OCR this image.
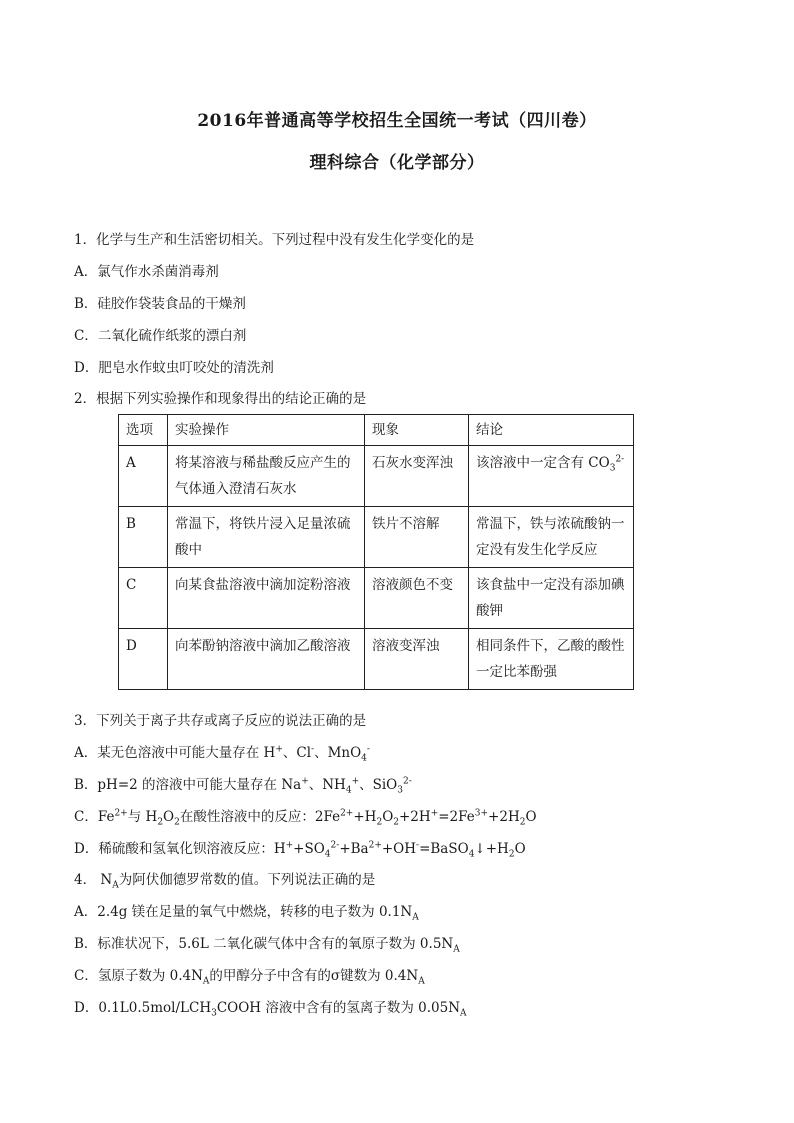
2016年普通高等学校招生全国统一考试（四川卷）
理科综合（化学部分）
1．化学与生产和生活密切相关。下列过程中没有发生化学变化的是
A．氯气作水杀菌消毒剂
B．硅胶作袋装食品的干燥剂
C．二氧化硫作纸浆的漂白剂
D．肥皂水作蚊虫叮咬处的清洗剂
2．根据下列实验操作和现象得出的结论正确的是
选项	实验操作	现象	结论
A	将某溶液与稀盐酸反应产生的气体通入澄清石灰水	石灰水变浑浊	该溶液中一定含有 $CO_3^{2-}$
B	常温下，将铁片浸入足量浓硫酸中	铁片不溶解	常温下，铁与浓硫酸钠一定没有发生化学反应
C	向某食盐溶液中滴加淀粉溶液	溶液颜色不变	该食盐中一定没有添加碘酸钾
D	向苯酚钠溶液中滴加乙酸溶液	溶液变浑浊	相同条件下，乙酸的酸性一定比苯酚强
3．下列关于离子共存或离子反应的说法正确的是
A．某无色溶液中可能大量存在 H+、Cl-、MnO$_4$-
B．pH=2 的溶液中可能大量存在 Na+、$NH_4^+$、SiO$_3^{2-}$
C．$Fe^{2+}$与 $H_2O_2$在酸性溶液中的反应：$2Fe^{2+}+H_2O_2+2H^+=2Fe^{3+}+2H_2O$
D．稀硫酸和氢氧化钡溶液反应：$H^++SO_4^{2-}+Ba^{2+}+OH^-=BaSO_4↓+H_2O$
4． $N_A$为阿伏伽德罗常数的值。下列说法正确的是
A．2.4g 镁在足量的氧气中燃烧，转移的电子数为 $0.1N_A$
B．标准状况下，5.6L 二氧化碳气体中含有的氧原子数为 $0.5N_A$
C．氢原子数为 $0.4N_A$的甲醇分子中含有的σ键数为 $0.4N_A$
D．$0.1L0.5mol/LCH_3COOH$ 溶液中含有的氢离子数为 $0.05N_A$
